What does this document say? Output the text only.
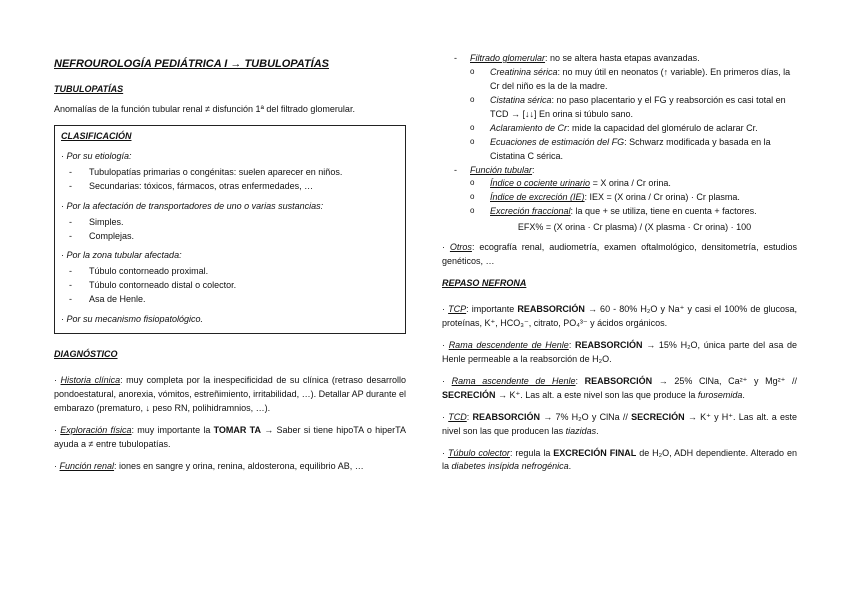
NEFROUROLOGÍA PEDIÁTRICA I → TUBULOPATÍAS
TUBULOPATÍAS

Anomalías de la función tubular renal ≠ disfunción 1ª del filtrado glomerular.

CLASIFICACIÓN
· Por su etiología:
- Tubulopatías primarias o congénitas: suelen aparecer en niños.
- Secundarias: tóxicos, fármacos, otras enfermedades, …
· Por la afectación de transportadores de uno o varias sustancias:
- Simples.
- Complejas.
· Por la zona tubular afectada:
- Túbulo contorneado proximal.
- Túbulo contorneado distal o colector.
- Asa de Henle.
· Por su mecanismo fisiopatológico.
DIAGNÓSTICO

· Historia clínica: muy completa por la inespecificidad de su clínica (retraso desarrollo pondoestatural, anorexia, vómitos, estreñimiento, irritabilidad, …). Detallar AP durante el embarazo (prematuro, ↓ peso RN, polihidramnios, …).

· Exploración física: muy importante la TOMAR TA → Saber si tiene hipoTA o hiperTA ayuda a ≠ entre tubulopatías.

· Función renal: iones en sangre y orina, renina, aldosterona, equilibrio AB, …

- Filtrado glomerular: no se altera hasta etapas avanzadas.

o Creatinina sérica: no muy útil en neonatos (↑ variable). En primeros días, la Cr del niño es la de la madre.
o Cistatina sérica: no paso placentario y el FG y reabsorción es casi total en TCD → [↓↓] En orina si túbulo sano.
o Aclaramiento de Cr: mide la capacidad del glomérulo de aclarar Cr.
o Ecuaciones de estimación del FG: Schwarz modificada y basada en la Cistatina C sérica.

- Función tubular:

o Índice o cociente urinario = X orina / Cr orina.
o Índice de excreción (IE): IEX = (X orina / Cr orina) · Cr plasma.
o Excreción fraccional: la que + se utiliza, tiene en cuenta + factores.
EFX% = (X orina · Cr plasma) / (X plasma · Cr orina) · 100

· Otros: ecografía renal, audiometría, examen oftalmológico, densitometría, estudios genéticos, …

REPASO NEFRONA

· TCP: importante REABSORCIÓN → 60 - 80% H₂O y Na⁺ y casi el 100% de glucosa, proteínas, K⁺, HCO₃⁻, citrato, PO₄³⁻ y ácidos orgánicos.

· Rama descendente de Henle: REABSORCIÓN → 15% H₂O, única parte del asa de Henle permeable a la reabsorción de H₂O.

· Rama ascendente de Henle: REABSORCIÓN → 25% ClNa, Ca²⁺ y Mg²⁺ // SECRECIÓN → K⁺. Las alt. a este nivel son las que produce la furosemida.

· TCD: REABSORCIÓN → 7% H₂O y ClNa // SECRECIÓN → K⁺ y H⁺. Las alt. a este nivel son las que producen las tiazidas.

· Túbulo colector: regula la EXCRECIÓN FINAL de H₂O, ADH dependiente. Alterado en la diabetes insípida nefrogénica.
